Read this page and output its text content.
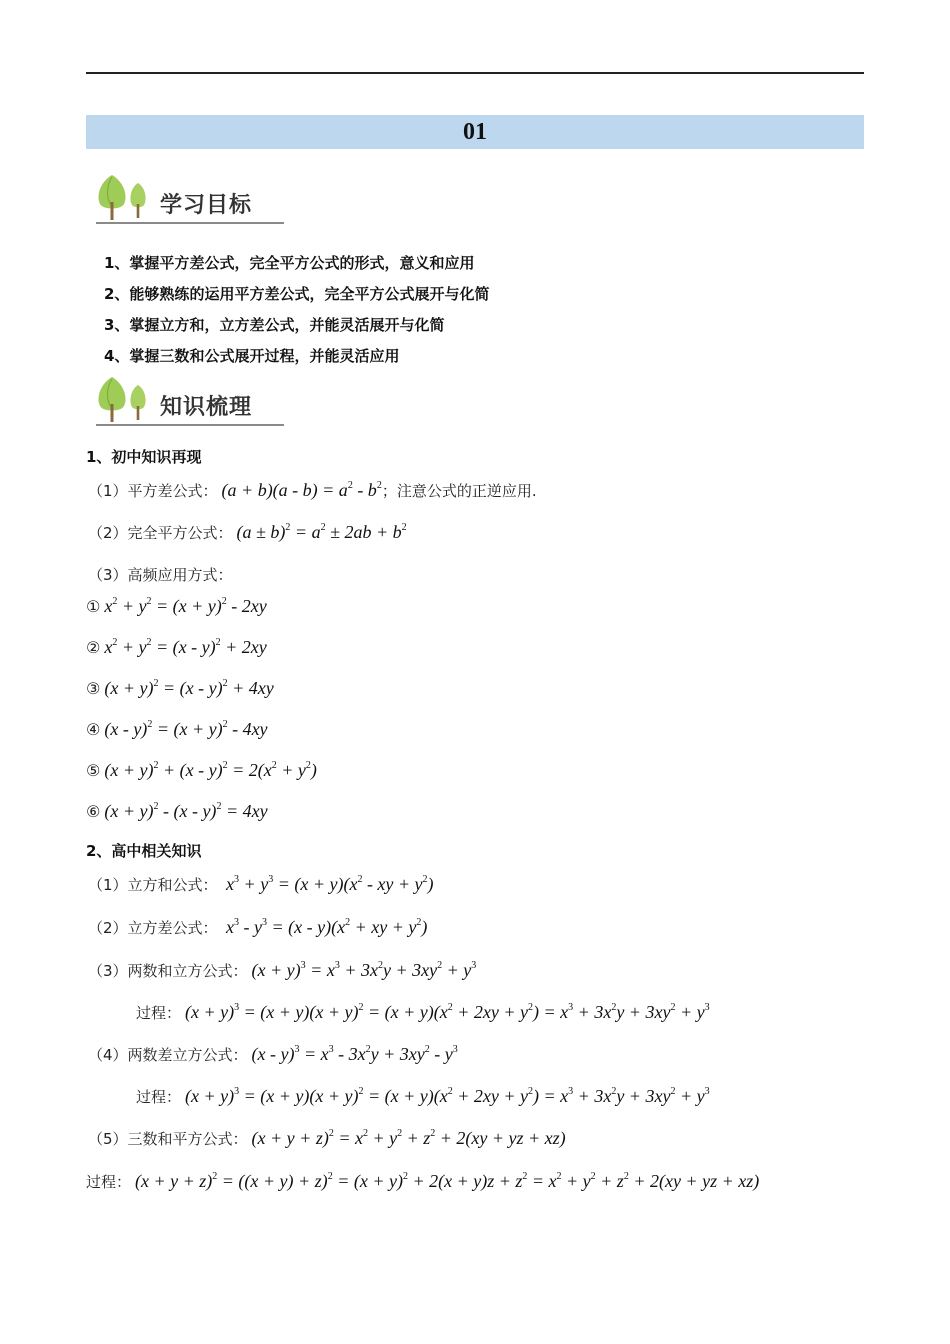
01
学习目标
1、掌握平方差公式，完全平方公式的形式，意义和应用
2、能够熟练的运用平方差公式，完全平方公式展开与化简
3、掌握立方和，立方差公式，并能灵活展开与化简
4、掌握三数和公式展开过程，并能灵活应用
知识梳理
1、初中知识再现
（1）平方差公式： $(a + b)(a - b) = a^2 - b^2$；注意公式的正逆应用.
（2）完全平方公式： $(a \pm b)^2 = a^2 \pm 2ab + b^2$
（3）高频应用方式：
① $x^2 + y^2 = (x + y)^2 - 2xy$
② $x^2 + y^2 = (x - y)^2 + 2xy$
③ $(x + y)^2 = (x - y)^2 + 4xy$
④ $(x - y)^2 = (x + y)^2 - 4xy$
⑤ $(x + y)^2 + (x - y)^2 = 2(x^2 + y^2)$
⑥ $(x + y)^2 - (x - y)^2 = 4xy$
2、高中相关知识
（1）立方和公式： $x^3 + y^3 = (x + y)(x^2$ - xy + $y^2$)
（2）立方差公式： $x^3 - y^3 = (x - y)(x^2$ + xy + $y^2$)
（3）两数和立方公式： $(x + y)^3 = x^3 + 3x^2y + 3xy^2 + y^3$
过程： $(x + y)^3 = (x + y)(x + y)^2 = (x + y)(x^2 + 2xy + y^2) = x^3 + 3x^2y + 3xy^2 + y^3$
（4）两数差立方公式： $(x - y)^3 = x^3 - 3x^2y + 3xy^2 - y^3$
过程： $(x + y)^3 = (x + y)(x + y)^2 = (x + y)(x^2 + 2xy + y^2) = x^3 + 3x^2y + 3xy^2 + y^3$
（5）三数和平方公式： $(x + y + z)^2 = x^2 + y^2 + z^2 + 2(xy$ + yz + xz)
过程： $(x + y + z)^2 = ((x + y) + z)^2 = (x + y)^2 + 2(x + y)z + z^2 = x^2 + y^2 + z^2 + 2(xy$ + yz + xz)
